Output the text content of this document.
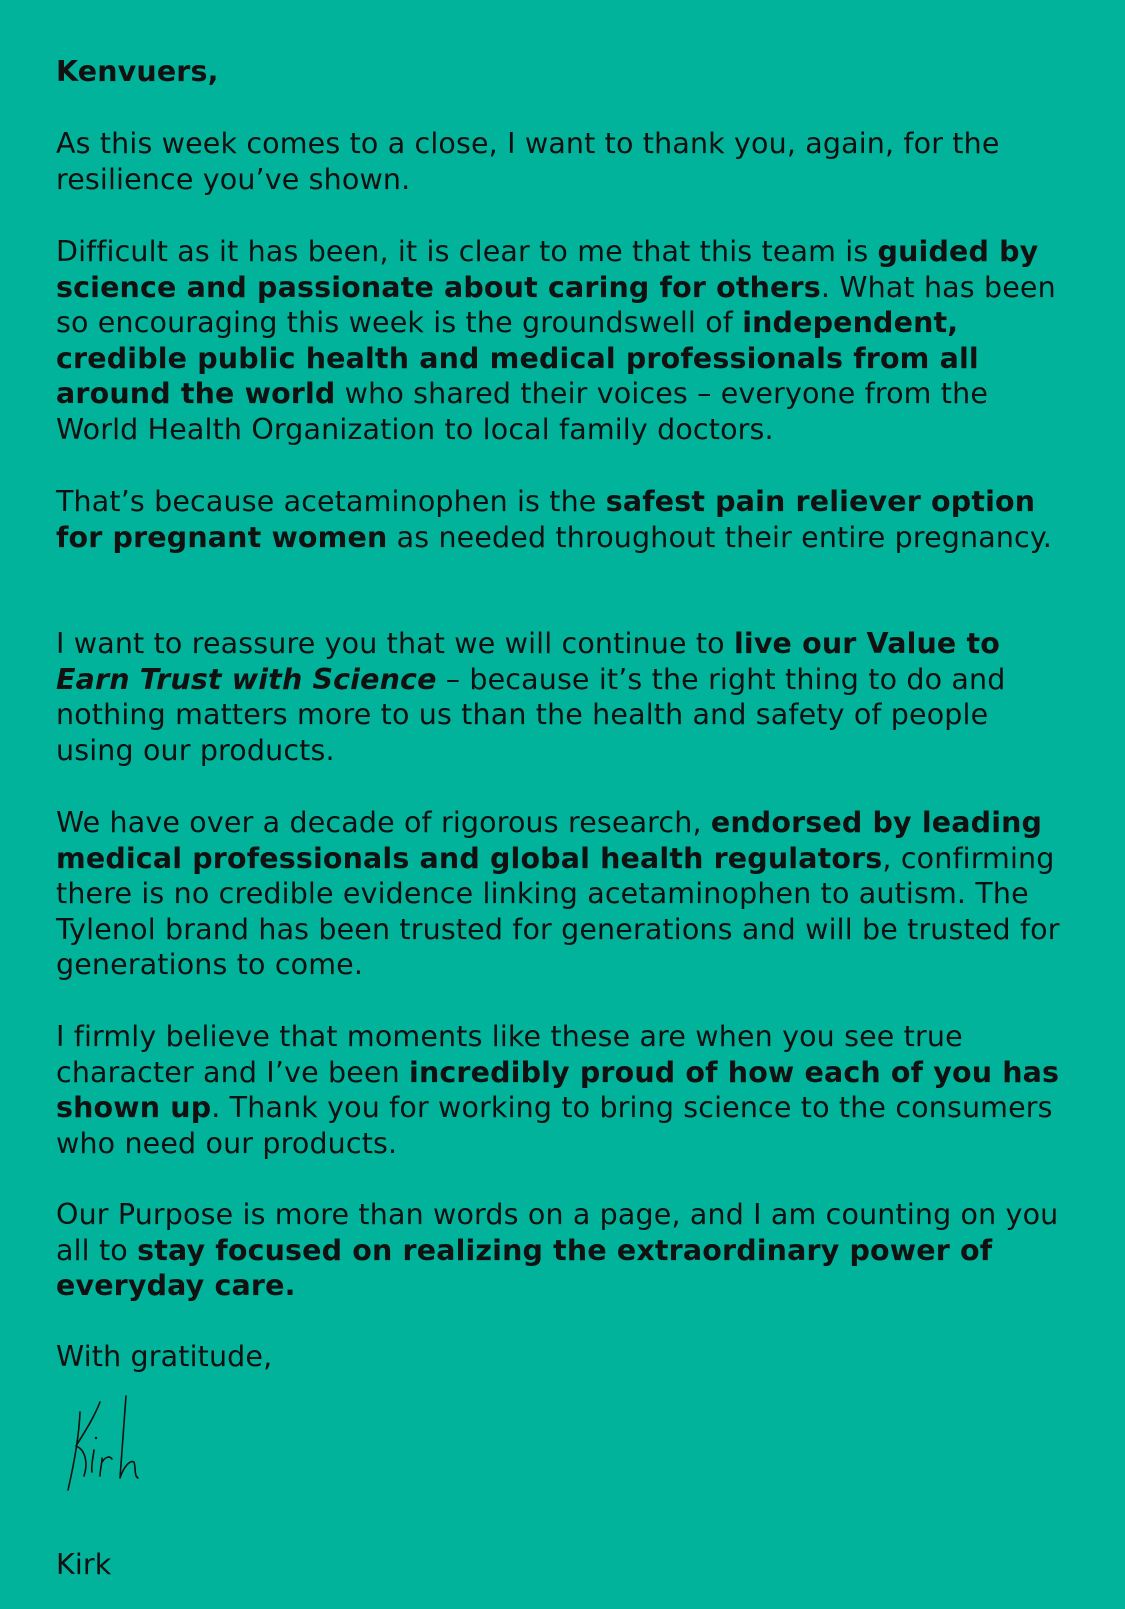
Kenvuers,
As this week comes to a close, I want to thank you, again, for the resilience you’ve shown.
Difficult as it has been, it is clear to me that this team is guided by science and passionate about caring for others. What has been so encouraging this week is the groundswell of independent, credible public health and medical professionals from all around the world who shared their voices – everyone from the World Health Organization to local family doctors.
That’s because acetaminophen is the safest pain reliever option for pregnant women as needed throughout their entire pregnancy.
I want to reassure you that we will continue to live our Value to Earn Trust with Science – because it’s the right thing to do and nothing matters more to us than the health and safety of people using our products.
We have over a decade of rigorous research, endorsed by leading medical professionals and global health regulators, confirming there is no credible evidence linking acetaminophen to autism. The Tylenol brand has been trusted for generations and will be trusted for generations to come.
I firmly believe that moments like these are when you see true character and I’ve been incredibly proud of how each of you has shown up. Thank you for working to bring science to the consumers who need our products.
Our Purpose is more than words on a page, and I am counting on you all to stay focused on realizing the extraordinary power of everyday care.
With gratitude,
Kirk
